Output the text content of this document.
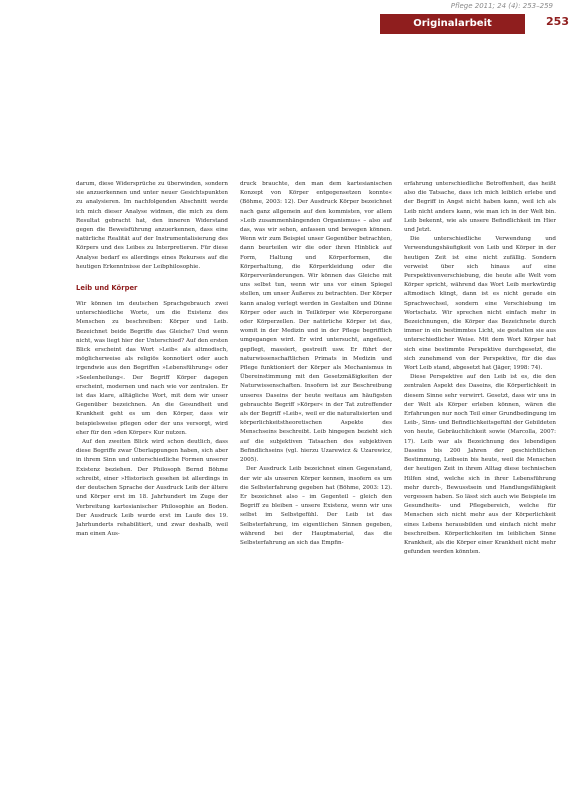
Pflege 2011; 24 (4): 253–259
Originalarbeit	253

darum, diese Widersprüche zu überwinden, sondern sie anzuerkennen und unter neuer Gesichtspunkten zu analysieren. Im nachfolgenden Abschnitt werde ich mich dieser Analyse widmen, die mich zu dem Resultat gebracht hat, den inneren Widerstand gegen die Beweisführung anzuerkennen, dass eine natürliche Realität auf der Instrumentalisierung des Körpers und des Leibes zu Interpretieren. Für diese Analyse bedarf es allerdings eines Rekurses auf die heutigen Erkenntnisse der Leibphilosophie.

Leib und Körper

Wir können im deutschen Sprachgebrauch zwei unterschiedliche Worte, um die Existenz des Menschen zu beschreiben: Körper und Leib. Bezeichnet beide Begriffe das Gleiche? Und wenn nicht, was liegt hier der Unterschied? Auf den ersten Blick erscheint das Wort »Leib« als altmodisch, möglicherweise als religiös konnotiert oder auch irgendwie aus den Begriffen »Lebensführung« oder »Seelenheilung«. Der Begriff Körper dagegen erscheint, modernen und nach wie vor zentralen. Er ist das klare, alltägliche Wort, mit dem wir unser Gegenüber bezeichnen. An die Gesundheit und Krankheit geht es um den Körper, dass wir beispielsweise pflegen oder der uns versorgt, wird eher für den »den Körper« Kur nutzen.

Auf den zweiten Blick wird schon deutlich, dass diese Begriffe zwar Überlappungen haben, sich aber in ihrem Sinn und unterschiedliche Formen unserer Existenz beziehen. Der Philosoph Bernd Böhme schreibt, einer »Historisch gesehen ist allerdings in der deutschen Sprache der Ausdruck Leib der ältere und Körper erst im 18. Jahrhundert im Zuge der Verbreitung kartesianischer Philosophie an Boden. Der Ausdruck Leib wurde erst im Laufe des 19. Jahrhunderts rehabilitiert, und zwar deshalb, weil man einen Aus-

druck brauchte, den man dem kartesianischen Konzept von Körper entgegensetzen konnte« (Böhme, 2003: 12). Der Ausdruck Körper bezeichnet nach ganz allgemein auf den kommisten, vor allem »Leib zusammenhängenden Organismus« – also auf das, was wir sehen, anfassen und bewegen können. Wenn wir zum Beispiel unser Gegenüber betrachten, dann beurteilen wir die oder ihren Hinblick auf Form, Haltung und Körperformen, die Körperhaltung, die Körperkleidung oder die Körperveränderungen. Wir können das Gleiche mit uns selbst tun, wenn wir uns vor einen Spiegel stellen, um unser Äußeres zu betrachten. Der Körper kann analog verlegt werden in Gestalten und Dünne Körper oder auch in Teilkörper wie Körperorgane oder Körperzellen. Der natürliche Körper ist das, womit in der Medizin und in der Pflege begrifflich umgegangen wird. Er wird untersucht, angefasst, gepflegt, massiert, gestreift usw. Er führt der naturwissenschaftlichen Primats in Medizin und Pflege funktioniert der Körper als Mechanismus in Übereinstimmung mit den Gesetzmäßigkeiten der Naturwissenschaften. Insofern ist zur Beschreibung unseres Daseins der heute weitaus am häufigsten gebrauchte Begriff »Körper« in der Tat zutreffender als der Begriff »Leib«, weil er die naturalisierten und körperlichkeitstheoretischen Aspekte des Menschseins beschreibt. Leib hingegen bezieht sich auf die subjektiven Tatsachen des subjektiven Befindlichseins (vgl. hierzu Uzarewicz & Uzarewicz, 2005).

Der Ausdruck Leib bezeichnet einen Gegenstand, der wir als unseren Körper kennen, insofern es um die Selbsterfahrung gegeben hat (Böhme, 2003: 12). Er bezeichnet also – im Gegenteil – gleich den Begriff zu bleiben – unsere Existenz, wenn wir uns selbst im Selbstgefühl. Der Leib ist das Selbsterfahrung, im eigentlichen Sinnen gegeben, während bei der Hauptmaterial, das die Selbsterfahrung an sich das Empfin-

erfahrung unterschiedliche Betroffenheit, das heißt also die Tatsache, dass ich mich leiblich erlebe und der Begriff in Angst nicht haben kann, weil ich als Leib nicht anders kann, wie man ich in der Welt bin. Leib bekennt, wie als unsere Befindlichkeit im Hier und Jetzt.

Die unterschiedliche Verwendung und Verwendungshäufigkeit von Leib und Körper in der heutigen Zeit ist eine nicht zufällig. Sondern verweist über sich hinaus auf eine Perspektivenverschiebung, die heute alle Welt vom Körper spricht, während das Wort Leib merkwürdig altmodisch klingt, dann ist es nicht gerade ein Sprachwechsel, sondern eine Verschiebung im Wortschatz. Wir sprechen nicht einfach mehr in Bezeichnungen, die Körper das Bezeichnete durch immer in ein bestimmtes Licht, sie gestalten sie aus unterschiedlicher Weise. Mit dem Wort Körper hat sich eine bestimmte Perspektive durchgesetzt, die sich zunehmend von der Perspektive, für die das Wort Leib stand, abgesetzt hat (Jäger, 1998: 74).

Diese Perspektive auf den Leib ist es, die den zentralen Aspekt des Daseins, die Körperlichkeit in diesem Sinne sehr verwirrt. Gesetzt, dass wir uns in der Welt als Körper erleben können, wären die Erfahrungen nur noch Teil einer Grundbedingung im Leib-, Sinn- und Befindlichkeitsgefühl der Gebildeten von heute, Gebräuchlichkeit sowie (Marcolla, 2007: 17). Leib war als Bezeichnung des lebendigen Daseins bis 200 Jahren der geschichtlichen Bestimmung, Leibsein bis heute, weil die Menschen der heutigen Zeit in ihrem Alltag diese technischen Hilfen sind, welche sich in ihrer Lebensführung mehr durch-, Bewusstsein und Handlungsfähigkeit vergessen haben. So lässt sich auch wie Beispiele im Gesundheits- und Pflegebereich, welche für Menschen sich nicht mehr aus der Körperlichkeit eines Lebens herausbilden und einfach nicht mehr beschreiben. Körperlichkeiten im leiblichen Sinne Krankheit, als die Körper einer Krankheit nicht mehr gefunden werden könnten.
